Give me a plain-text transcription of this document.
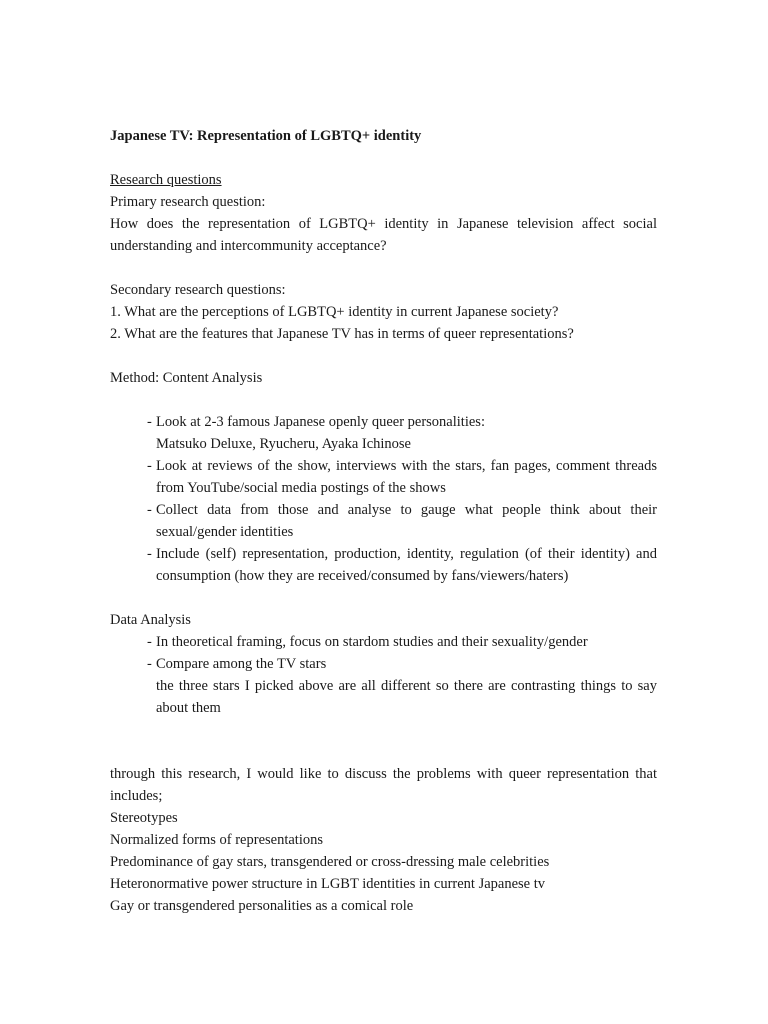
Japanese TV: Representation of LGBTQ+ identity
Research questions
Primary research question:
How does the representation of LGBTQ+ identity in Japanese television affect social understanding and intercommunity acceptance?
Secondary research questions:
1. What are the perceptions of LGBTQ+ identity in current Japanese society?
2. What are the features that Japanese TV has in terms of queer representations?
Method: Content Analysis
- Look at 2-3 famous Japanese openly queer personalities:
Matsuko Deluxe, Ryucheru, Ayaka Ichinose
- Look at reviews of the show, interviews with the stars, fan pages, comment threads from YouTube/social media postings of the shows
- Collect data from those and analyse to gauge what people think about their sexual/gender identities
- Include (self) representation, production, identity, regulation (of their identity) and consumption (how they are received/consumed by fans/viewers/haters)
Data Analysis
- In theoretical framing, focus on stardom studies and their sexuality/gender
- Compare among the TV stars
the three stars I picked above are all different so there are contrasting things to say about them
through this research, I would like to discuss the problems with queer representation that includes;
Stereotypes
Normalized forms of representations
Predominance of gay stars, transgendered or cross-dressing male celebrities
Heteronormative power structure in LGBT identities in current Japanese tv
Gay or transgendered personalities as a comical role
